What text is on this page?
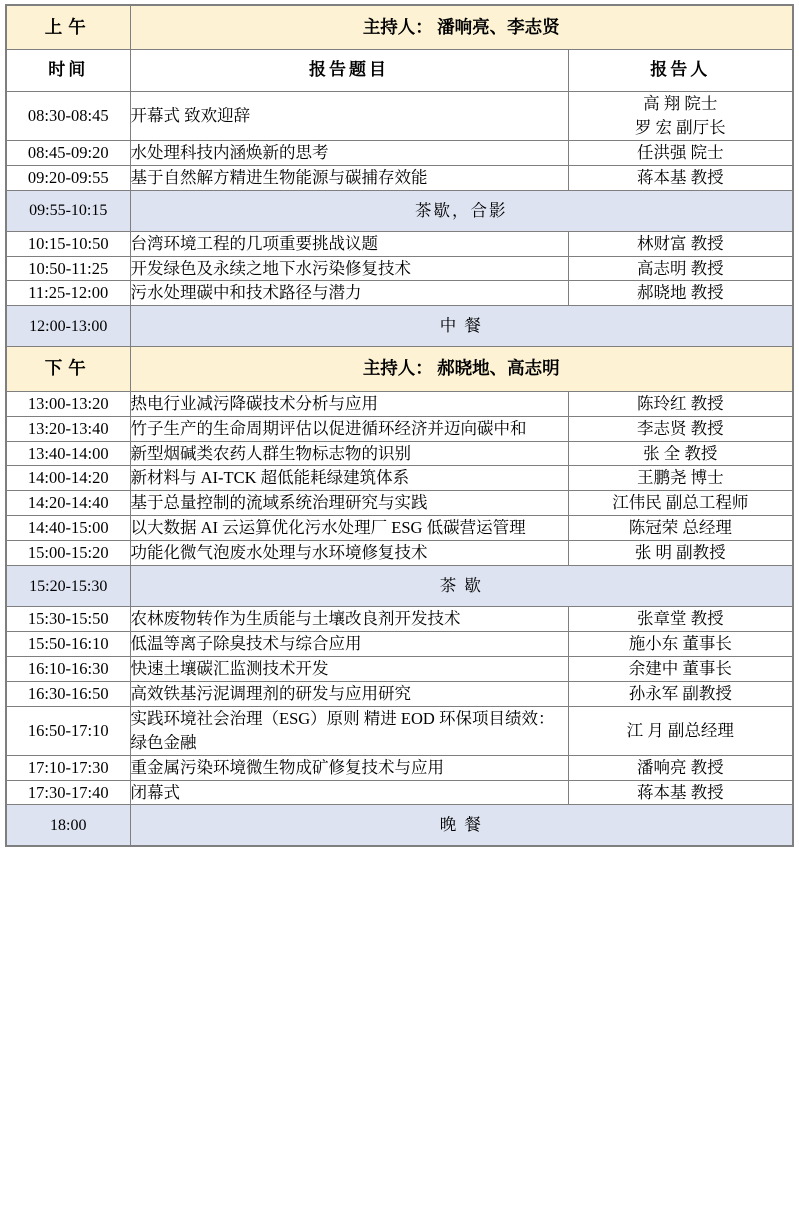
上午	主持人： 潘响亮、李志贤	
时间	报告题目	报告人
08:30-08:45	开幕式 致欢迎辞	高 翔 院士
罗 宏 副厅长

08:45-09:20	水处理科技内涵焕新的思考	任洪强 院士
09:20-09:55	基于自然解方精进生物能源与碳捕存效能	蒋本基 教授
09:55-10:15	茶歇，合影	
10:15-10:50	台湾环境工程的几项重要挑战议题	林财富 教授
10:50-11:25	开发绿色及永续之地下水污染修复技术	高志明 教授
11:25-12:00	污水处理碳中和技术路径与潜力	郝晓地 教授
12:00-13:00	中 餐	
下午	主持人： 郝晓地、高志明	
13:00-13:20	热电行业减污降碳技术分析与应用	陈玲红 教授
13:20-13:40	竹子生产的生命周期评估以促进循环经济并迈向碳中和	李志贤 教授
13:40-14:00	新型烟碱类农药人群生物标志物的识别	张 全 教授
14:00-14:20	新材料与 AI-TCK 超低能耗绿建筑体系	王鹏尧 博士
14:20-14:40	基于总量控制的流域系统治理研究与实践	江伟民 副总工程师
14:40-15:00	以大数据 AI 云运算优化污水处理厂 ESG 低碳营运管理	陈冠荣 总经理
15:00-15:20	功能化微气泡废水处理与水环境修复技术	张 明 副教授
15:20-15:30	茶 歇	
15:30-15:50	农林废物转作为生质能与土壤改良剂开发技术	张章堂 教授
15:50-16:10	低温等离子除臭技术与综合应用	施小东 董事长
16:10-16:30	快速土壤碳汇监测技术开发	余建中 董事长
16:30-16:50	高效铁基污泥调理剂的研发与应用研究	孙永军 副教授
16:50-17:10	实践环境社会治理（ESG）原则 精进 EOD 环保项目绩效：绿色金融	江 月 副总经理
17:10-17:30	重金属污染环境微生物成矿修复技术与应用	潘响亮 教授
17:30-17:40	闭幕式	蒋本基 教授
18:00	晚 餐	
